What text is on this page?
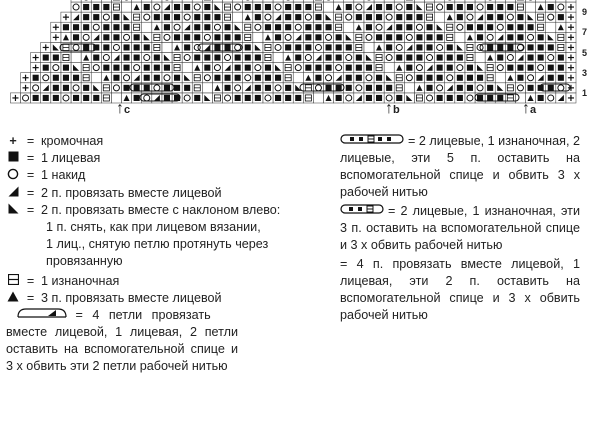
1
3
5
7
9
↑c	↑b	↑a
+ = кромочная
= 1 лицевая
= 1 накид
= 2 п. провязать вместе лицевой
= 2 п. провязать вместе с наклоном влево:
1 п. снять, как при лицевом вязании,
1 лиц., снятую петлю протянуть через
провязанную
= 1 изнаночная
= 3 п. провязать вместе лицевой
= 4 петли провязать
вместе лицевой, 1 лицевая, 2 петли оставить на вспомогательной спице и 3 х обвить эти 2 петли рабочей нитью
= 2 лицевые, 1 изнаночная, 2 лицевые, эти 5 п. оставить на вспомогательной спице и обвить 3 х рабочей нитью
= 2 лицевые, 1 изнаночная, эти 3 п. оставить на вспомогательной спице и 3 х обвить рабочей нитью
= 4 п. провязать вместе лицевой, 1 лицевая, эти 2 п. оставить на вспомогательной спице и 3 х обвить рабочей нитью
